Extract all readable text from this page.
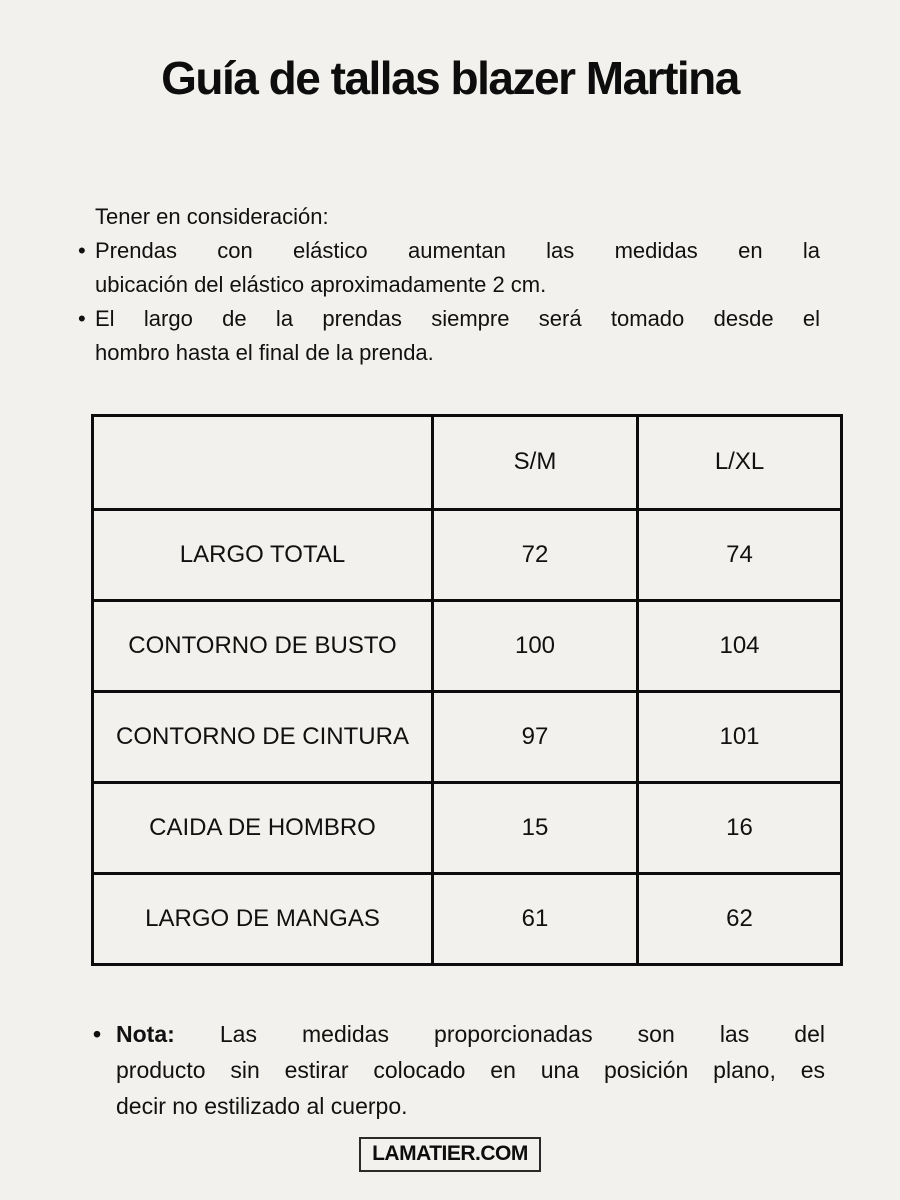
Guía de tallas blazer Martina
Tener en consideración:
• Prendas con elástico aumentan las medidas en la
ubicación del elástico aproximadamente 2 cm.
• El largo de la prendas siempre será tomado desde el
hombro hasta el final de la prenda.
	S/M	L/XL
LARGO TOTAL	72	74
CONTORNO DE BUSTO	100	104
CONTORNO DE CINTURA	97	101
CAIDA DE HOMBRO	15	16
LARGO DE MANGAS	61	62
• Nota: Las medidas proporcionadas son las del
producto sin estirar colocado en una posición plano, es
decir no estilizado al cuerpo.
LAMATIER.COM
